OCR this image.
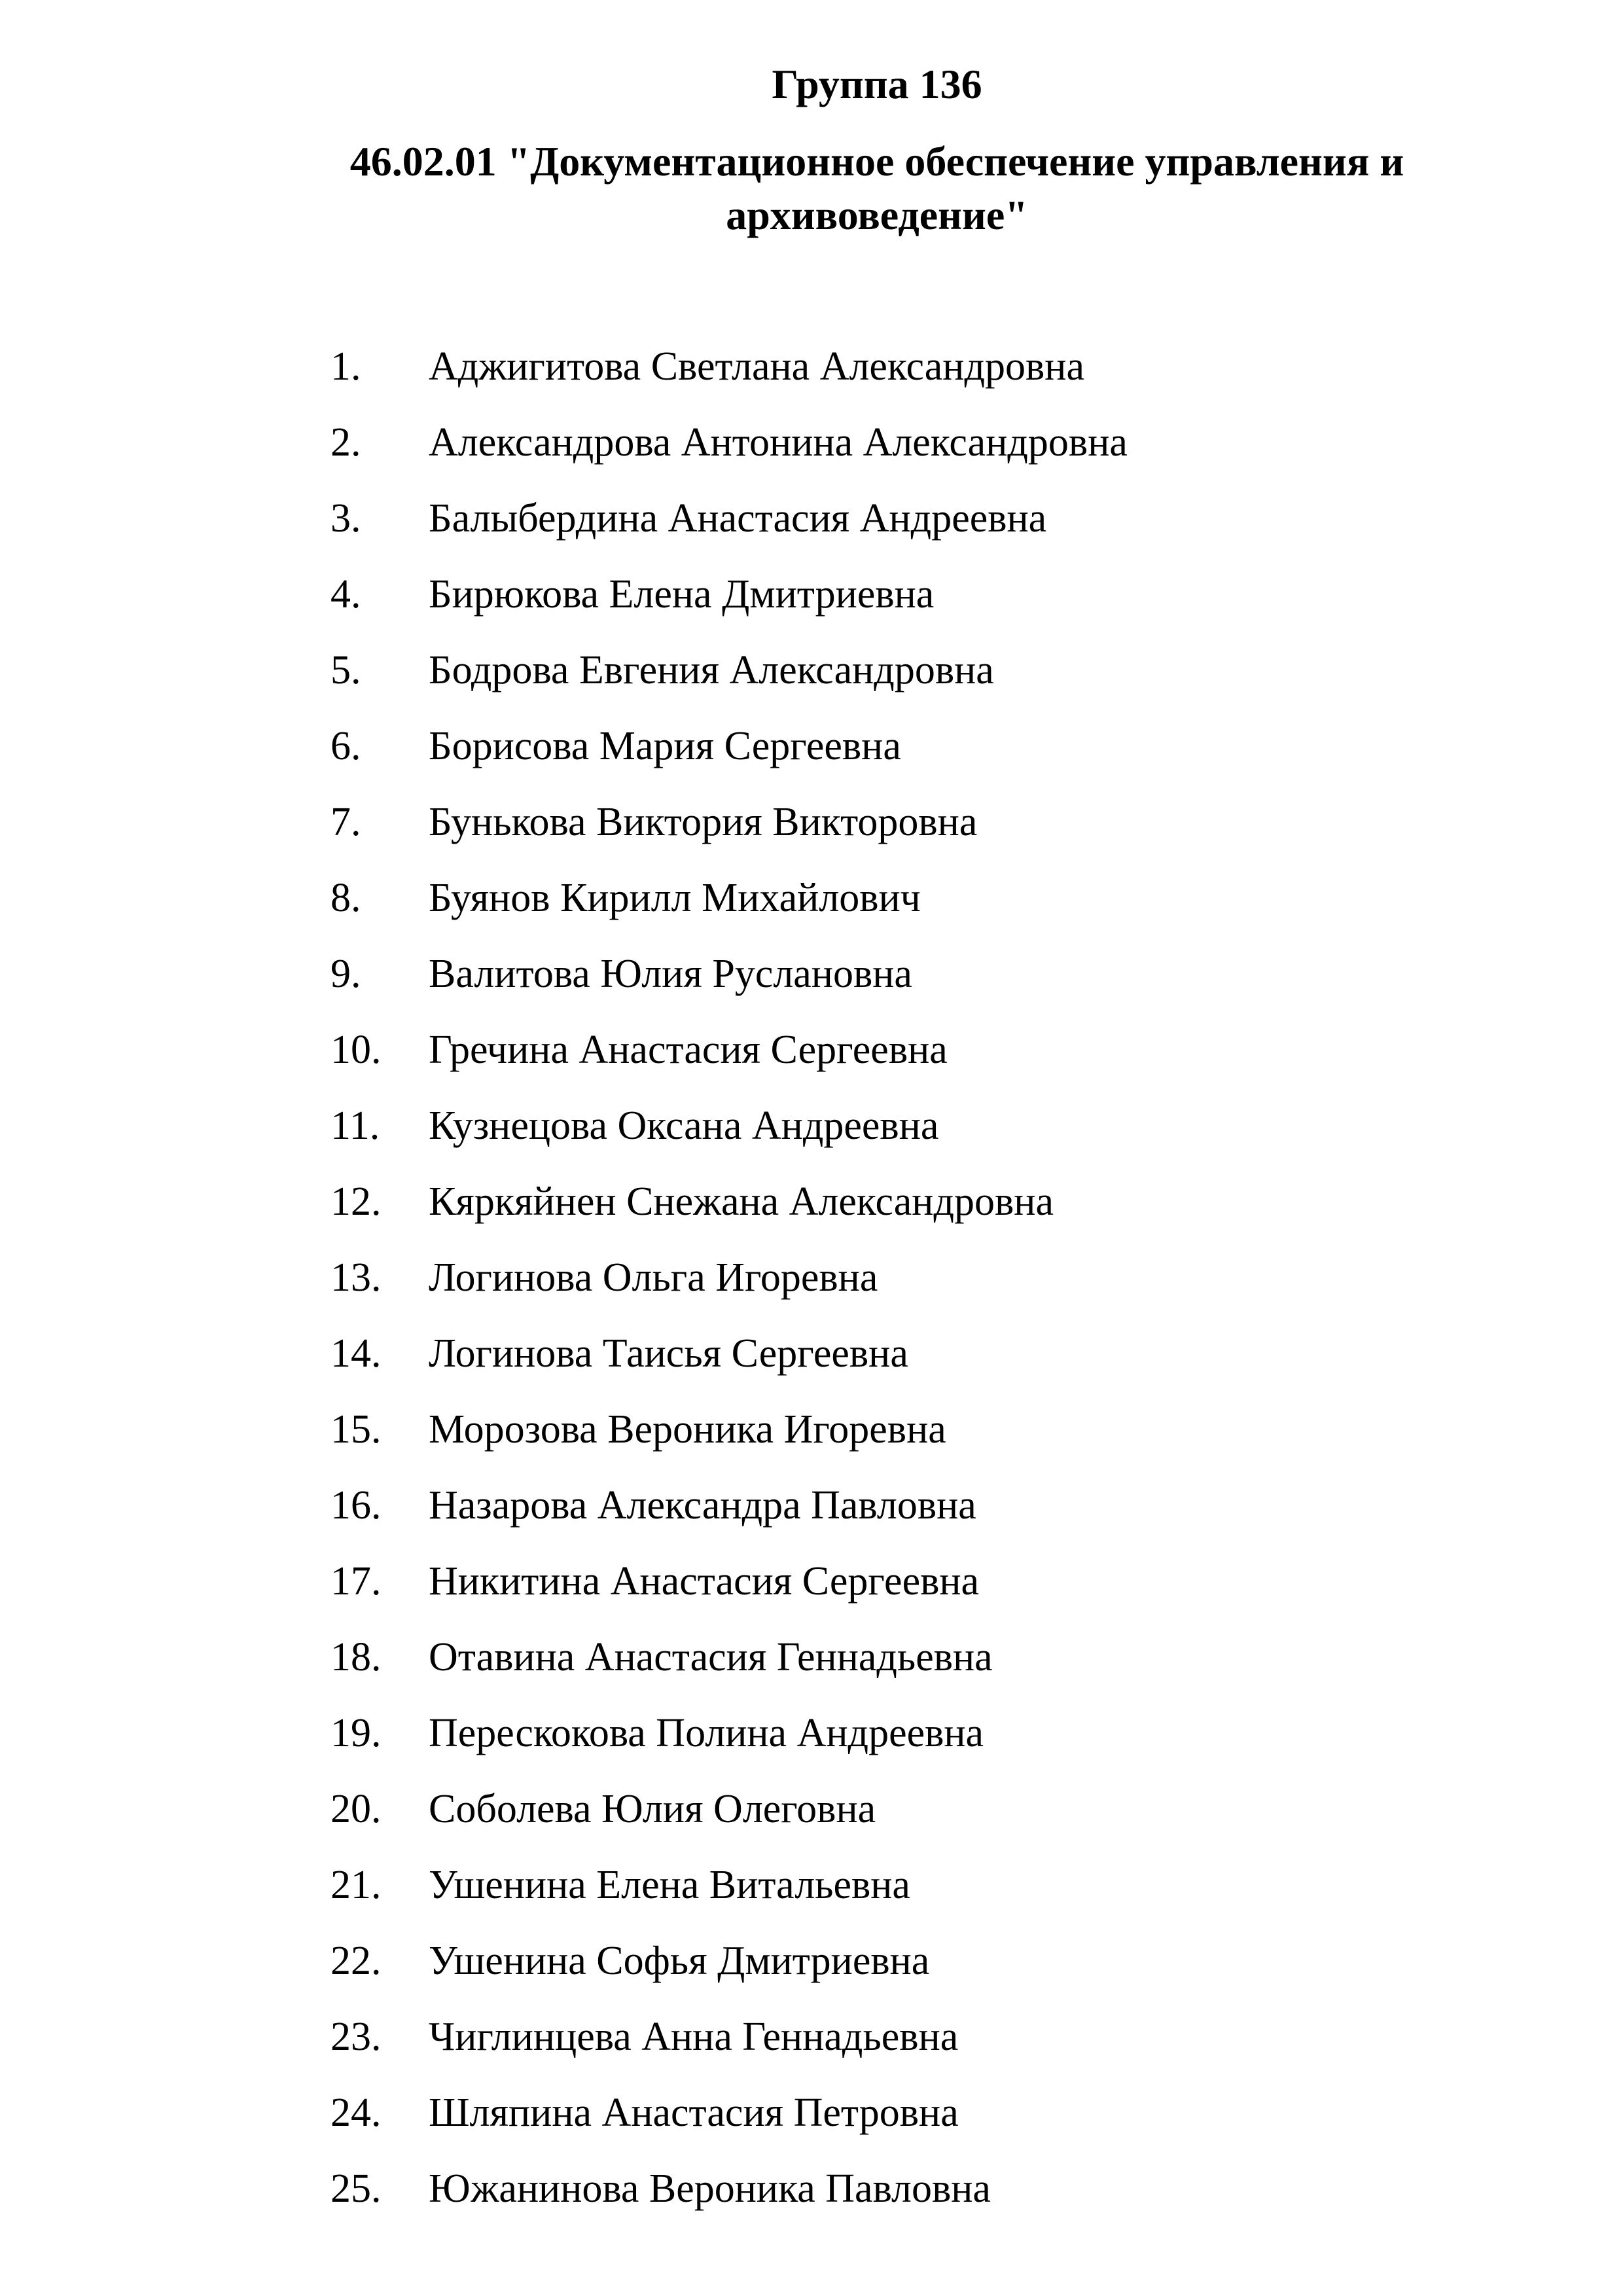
Группа 136
46.02.01 "Документационное обеспечение управления и архивоведение"
1. Аджигитова Светлана Александровна
2. Александрова Антонина Александровна
3. Балыбердина Анастасия Андреевна
4. Бирюкова Елена Дмитриевна
5. Бодрова Евгения Александровна
6. Борисова Мария Сергеевна
7. Бунькова Виктория Викторовна
8. Буянов Кирилл Михайлович
9. Валитова Юлия Руслановна
10. Гречина Анастасия Сергеевна
11. Кузнецова Оксана Андреевна
12. Кяркяйнен Снежана Александровна
13. Логинова Ольга Игоревна
14. Логинова Таисья Сергеевна
15. Морозова Вероника Игоревна
16. Назарова Александра Павловна
17. Никитина Анастасия Сергеевна
18. Отавина Анастасия Геннадьевна
19. Перескокова Полина Андреевна
20. Соболева Юлия Олеговна
21. Ушенина Елена Витальевна
22. Ушенина Софья Дмитриевна
23. Чиглинцева Анна Геннадьевна
24. Шляпина Анастасия Петровна
25. Южанинова Вероника Павловна
